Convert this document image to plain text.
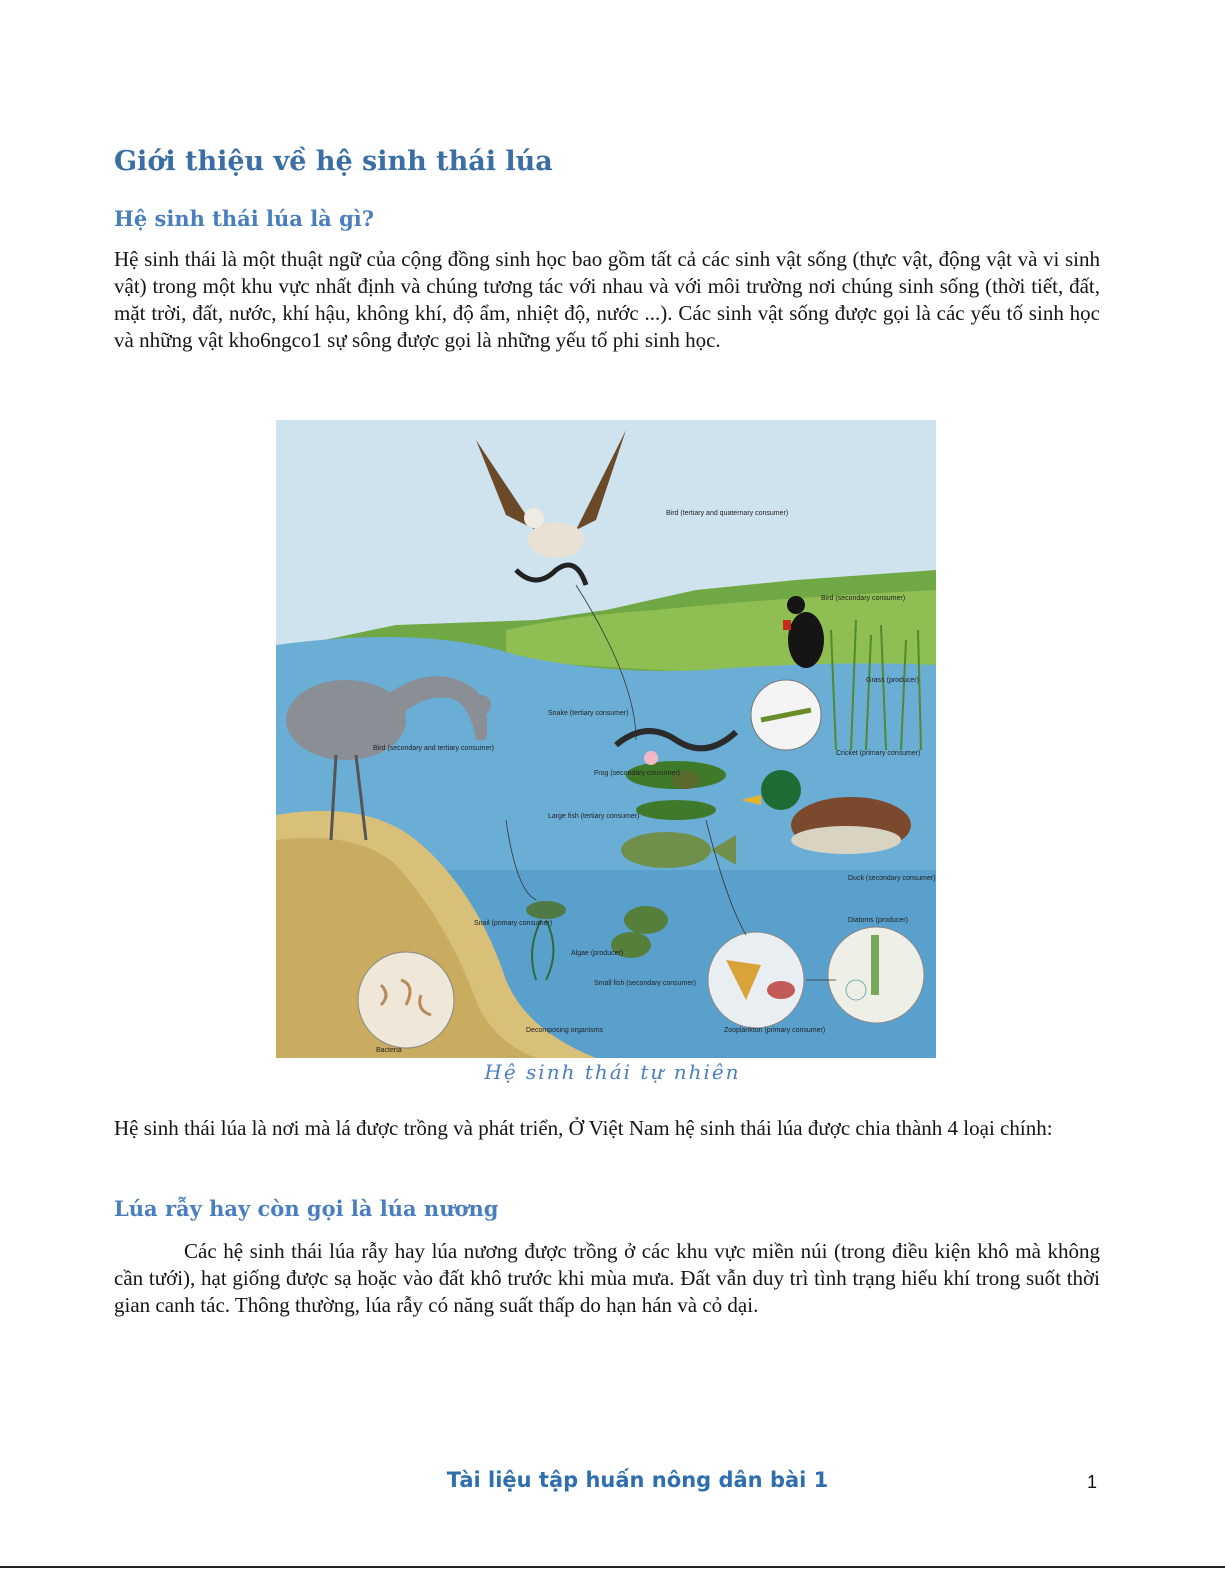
Giới thiệu về hệ sinh thái lúa
Hệ sinh thái lúa là gì?

Hệ sinh thái là một thuật ngữ của cộng đồng sinh học bao gồm tất cả các sinh vật sống (thực vật, động vật và vi sinh vật) trong một khu vực nhất định và chúng tương tác với nhau và với môi trường nơi chúng sinh sống (thời tiết, đất, mặt trời, đất, nước, khí hậu, không khí, độ ẩm, nhiệt độ, nước ...). Các sinh vật sống được gọi là các yếu tố sinh học và những vật kho6ngco1 sự sông được gọi là những yếu tố phi sinh học.

Bird (tertiary and quaternary consumer)
Bird (secondary consumer)
Grass (producer)
Snake (tertiary consumer)
Cricket (primary consumer)
Bird (secondary and tertiary consumer)
Frog (secondary consumer)
Large fish (tertiary consumer)
Duck (secondary consumer)
Snail (primary consumer)
Algae (producer)
Small fish (secondary consumer)
Diatoms (producer)
Zooplankton (primary consumer)
Decomposing organisms
Bacteria
Hệ sinh thái tự nhiên

Hệ sinh thái lúa là nơi mà lá được trồng và phát triển, Ở Việt Nam hệ sinh thái lúa được chia thành 4 loại chính:

Lúa rẫy hay còn gọi là lúa nương

Các hệ sinh thái lúa rẫy hay lúa nương được trồng ở các khu vực miền núi (trong điều kiện khô mà không cần tưới), hạt giống được sạ hoặc vào đất khô trước khi mùa mưa. Đất vẫn duy trì tình trạng hiếu khí trong suốt thời gian canh tác. Thông thường, lúa rẫy có năng suất thấp do hạn hán và cỏ dại.

Tài liệu tập huấn nông dân bài 1	1
